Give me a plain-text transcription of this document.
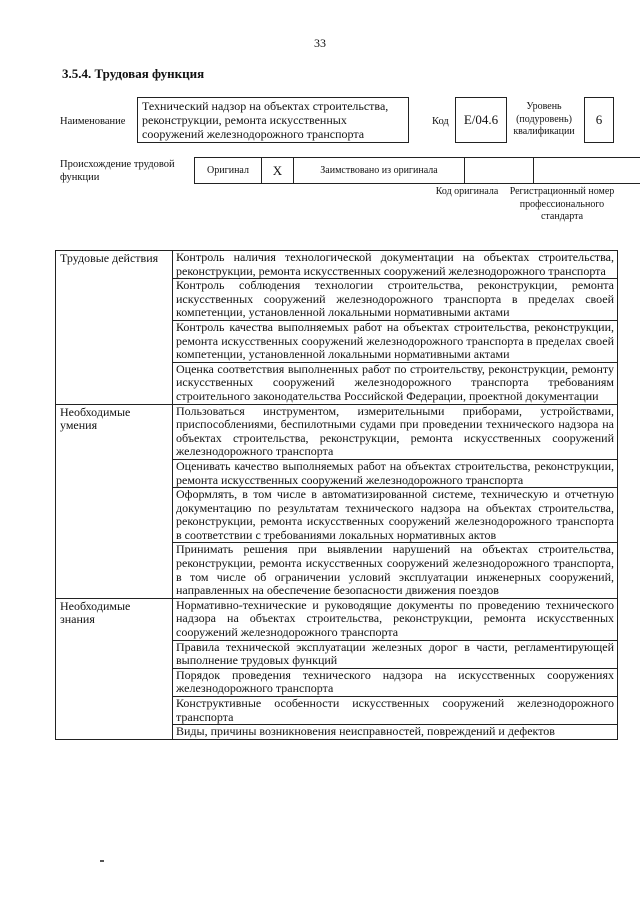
33
3.5.4. Трудовая функция
Наименование
Технический надзор на объектах строительства, реконструкции, ремонта искусственных сооружений железнодорожного транспорта
Код	E/04.6
Уровень (подуровень) квалификации
6
Происхождение трудовой функции
Оригинал	X	Заимствовано из оригинала
Код оригинала	Регистрационный номер профессионального стандарта
Трудовые действия	Контроль наличия технологической документации на объектах строительства, реконструкции, ремонта искусственных сооружений железнодорожного транспорта
	Контроль соблюдения технологии строительства, реконструкции, ремонта искусственных сооружений железнодорожного транспорта в пределах своей компетенции, установленной локальными нормативными актами
	Контроль качества выполняемых работ на объектах строительства, реконструкции, ремонта искусственных сооружений железнодорожного транспорта в пределах своей компетенции, установленной локальными нормативными актами
	Оценка соответствия выполненных работ по строительству, реконструкции, ремонту искусственных сооружений железнодорожного транспорта требованиям строительного законодательства Российской Федерации, проектной документации
Необходимые умения	Пользоваться инструментом, измерительными приборами, устройствами, приспособлениями, беспилотными судами при проведении технического надзора на объектах строительства, реконструкции, ремонта искусственных сооружений железнодорожного транспорта
	Оценивать качество выполняемых работ на объектах строительства, реконструкции, ремонта искусственных сооружений железнодорожного транспорта
	Оформлять, в том числе в автоматизированной системе, техническую и отчетную документацию по результатам технического надзора на объектах строительства, реконструкции, ремонта искусственных сооружений железнодорожного транспорта в соответствии с требованиями локальных нормативных актов
	Принимать решения при выявлении нарушений на объектах строительства, реконструкции, ремонта искусственных сооружений железнодорожного транспорта, в том числе об ограничении условий эксплуатации инженерных сооружений, направленных на обеспечение безопасности движения поездов
Необходимые знания	Нормативно-технические и руководящие документы по проведению технического надзора на объектах строительства, реконструкции, ремонта искусственных сооружений железнодорожного транспорта
	Правила технической эксплуатации железных дорог в части, регламентирующей выполнение трудовых функций
	Порядок проведения технического надзора на искусственных сооружениях железнодорожного транспорта
	Конструктивные особенности искусственных сооружений железнодорожного транспорта
	Виды, причины возникновения неисправностей, повреждений и дефектов
